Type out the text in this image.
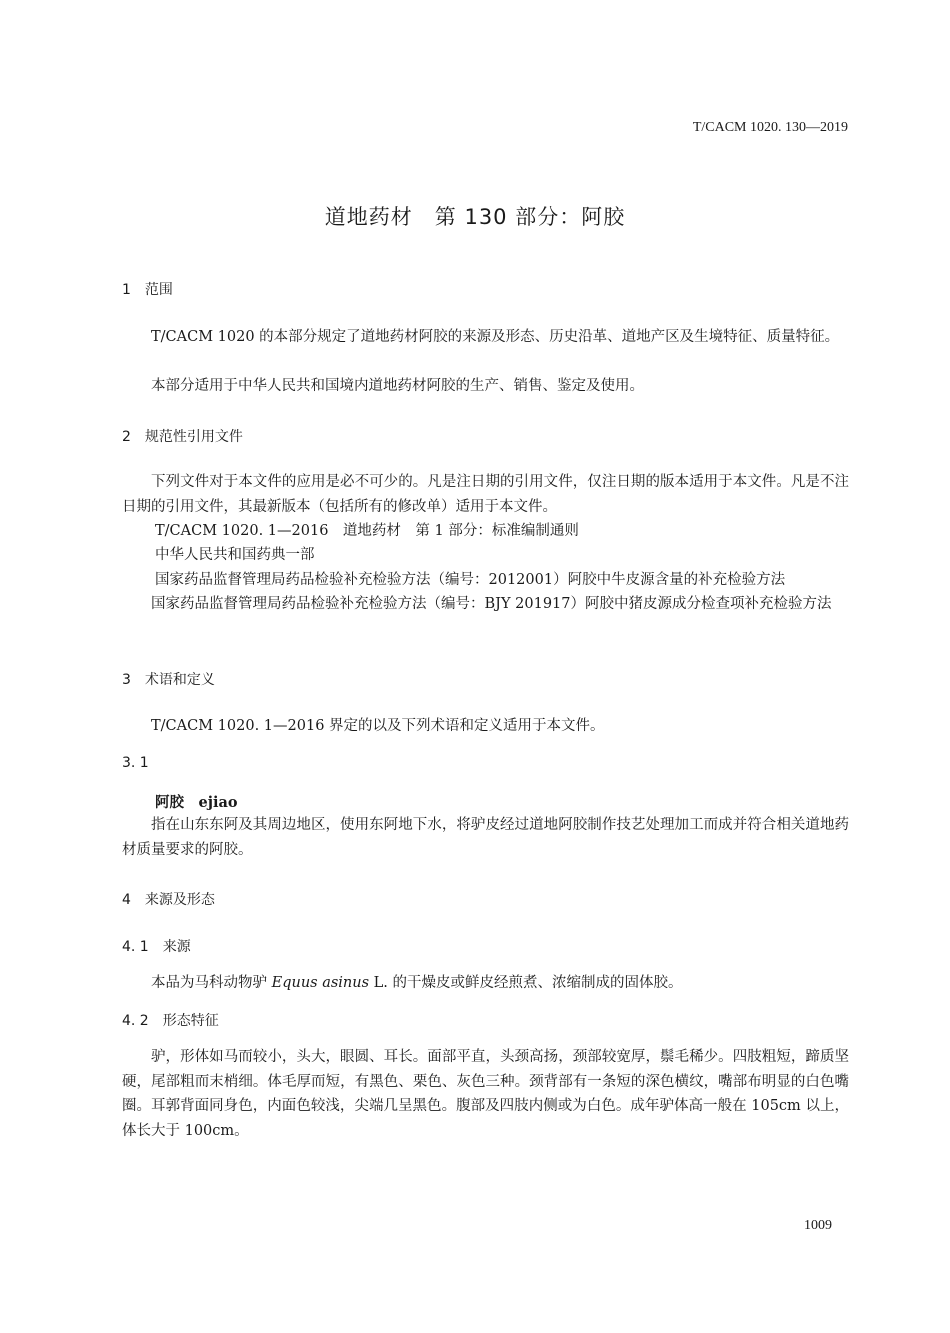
T/CACM 1020. 130—2019
道地药材　第 130 部分：阿胶
1　范围
T/CACM 1020 的本部分规定了道地药材阿胶的来源及形态、历史沿革、道地产区及生境特征、质量特征。
本部分适用于中华人民共和国境内道地药材阿胶的生产、销售、鉴定及使用。
2　规范性引用文件
下列文件对于本文件的应用是必不可少的。凡是注日期的引用文件，仅注日期的版本适用于本文件。凡是不注日期的引用文件，其最新版本（包括所有的修改单）适用于本文件。
T/CACM 1020. 1—2016　道地药材　第 1 部分：标准编制通则
中华人民共和国药典一部
国家药品监督管理局药品检验补充检验方法（编号：2012001）阿胶中牛皮源含量的补充检验方法
国家药品监督管理局药品检验补充检验方法（编号：BJY 201917）阿胶中猪皮源成分检查项补充检验方法
3　术语和定义
T/CACM 1020. 1—2016 界定的以及下列术语和定义适用于本文件。
3. 1
阿胶　ejiao
指在山东东阿及其周边地区，使用东阿地下水，将驴皮经过道地阿胶制作技艺处理加工而成并符合相关道地药材质量要求的阿胶。
4　来源及形态
4. 1　来源
本品为马科动物驴 Equus asinus L. 的干燥皮或鲜皮经煎煮、浓缩制成的固体胶。
4. 2　形态特征
驴，形体如马而较小，头大，眼圆、耳长。面部平直，头颈高扬，颈部较宽厚，鬃毛稀少。四肢粗短，蹄质坚硬，尾部粗而末梢细。体毛厚而短，有黑色、栗色、灰色三种。颈背部有一条短的深色横纹，嘴部布明显的白色嘴圈。耳郭背面同身色，内面色较浅，尖端几呈黑色。腹部及四肢内侧或为白色。成年驴体高一般在 105cm 以上，体长大于 100cm。
1009
